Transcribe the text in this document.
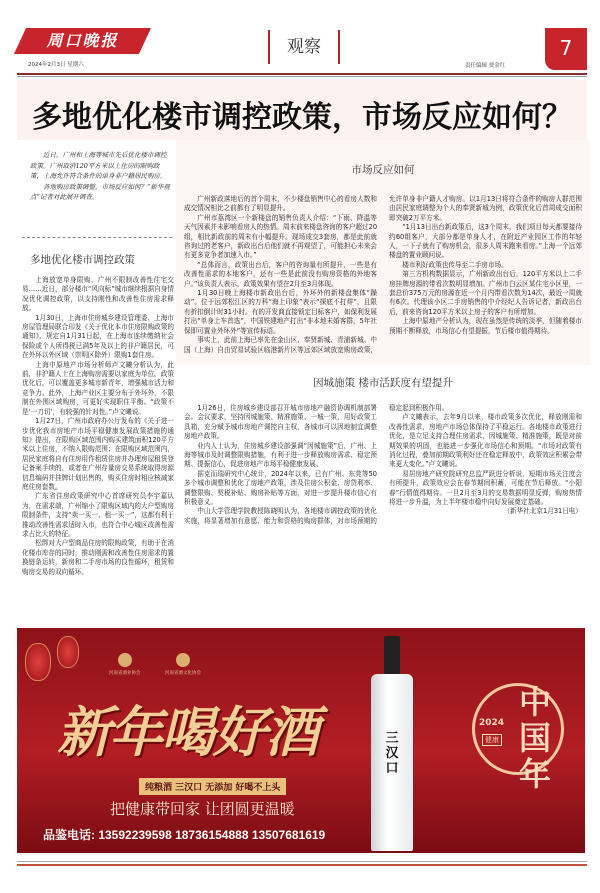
周口晚报
2024年2月3日 星期六
观察
责任编辑 贾金红
7
多地优化楼市调控政策，市场反应如何？

近日，广州和上海等城市先后优化楼市调控政策。广州取消120平方米以上住房的限购政策，上海允许符合条件的单身非户籍居民购房。

各地购房政策调整，市场反应如何？“新华视点”记者对此展开调查。

多地优化楼市调控政策

上海放宽单身限购、广州不限制改善性住宅交易……近日，部分楼市“风向标”城市继续根据自身情况优化调控政策，以支持刚性和改善性住房需求释放。

1月30日，上海市住房城乡建设管理委、上海市房屋管理局联合印发《关于优化本市住房限购政策的通知》，规定自1月31日起，在上海市连续缴纳社会保险或个人所得税已满5年及以上的非户籍居民，可在外环以外区域（崇明区除外）限购1套住房。

上海中原地产市场分析师卢文曦分析认为，此前，非沪籍人士在上海购房需要以家庭为单位。政策优化后，可以覆盖更多城市新青年，增强城市活力和竞争力。此外，上海产业区主要分布于外环外，不限制在外围区域购房，可更好实现职住平衡。“政策不是‘一刀切’，有较强的针对性。”卢文曦说。

1月27日，广州市政府办公厅发布的《关于进一步优化我市房地产市场平稳健康发展政策措施的通知》提出，在限购区域范围内购买建筑面积120平方米以上住房，不纳入限购范围；在限购区域范围内，居民家庭将自有住房用作租赁住房并办理房屋租赁登记备案手续的，或者在广州存量房交易系统取得房源信息编码并挂牌计划出售的，购买住房时相应核减家庭住房套数。

广东省住房政策研究中心首席研究员李宇嘉认为，在需求端，广州缩小了限购区域内的大户型购房限制条件，支持“卖一买一、租一买一”，这都有利于推动改善性需求适时入市，也符合中心城区改善性需求占比大的特征。

松绑对大户型商品住房的限购政策，有助于在消化楼市库存的同时，推动刚需和改善性住房需求的置换链条运转，新房和二手房市场的良性循环，租赁和购房交易的双向循环。

市场反应如何

广州新政落地后的首个周末，不少楼盘销售中心的看房人数和成交情况相比之前都有了明显提升。

广州市荔湾区一个新楼盘的销售负责人介绍：“下雨、降温等天气因素并未影响看房人的热情。周末前来楼盘咨询的客户超过20组，相比新政前的周末有小幅提升。现场成交3套房，都是此前就咨询过的老客户，新政出台后他们就不再观望了，可能担心未来会有更多竞争者加速入市。”

“总体而言，政策出台后，客户的咨询量有所提升，一些是有改善性需求的本地客户，还有一些是此前没有购房资格的外地客户。”该负责人表示，政策效果有望在2月至3月体现。

1月30日晚上海楼市新政出台后，外环外的新楼盘集体“躁动”。位于远郊松江区的万科“海上印象”表示“探底不打烊”，且限有折扣倒计时31小时。有的开发商直接锁定目标客户，如保利发展打出“单身上车首选”，中国铁建地产打出“非本地未婚客群，5年社保即可置业外环外”等宣传标语。

事实上，此前上海已率先在金山区、奉贤新城、青浦新城、中国（上海）自由贸易试验区临港新片区等远郊区域放宽购房政策，允许单身非户籍人才购房。以1月13日将符合条件的购房人群范围由居民家庭调整为个人的奉贤新城为例，政策优化后首周成交面积即突破2万平方米。

“1月13日出台新政策后，这3个周末，我们项目每天都要接待约60组客户，大部分都是单身人才，在附近产业园区工作的年轻人，一下子就有了购房机会，很多人周末跑来看房。”上海一个远郊楼盘的置业顾问说。

楼市利好政策也传导至二手房市场。

第三方机构数据显示，广州新政出台后，120平方米以上二手房挂牌房源的带看次数明显增加。广州市白云区某住宅小区里，一套总价375万元的房源在近一个月内带看次数为14次，最近一周就有6次。代理该小区二手房销售的中介经纪人告诉记者，新政出台后，前来咨询120平方米以上房子的客户有所增加。

上海中原地产分析认为，现在虽然是传统的淡季，但随着楼市预期不断释放，市场信心有望提振，节后楼市值得期待。

因城施策 楼市活跃度有望提升

1月26日，住房城乡建设部召开城市房地产融资协调机制部署会。会议要求，坚持因城施策、精准施策、一城一策，用好政策工具箱，充分赋予城市房地产调控自主权，各城市可以因地制宜调整房地产政策。

业内人士认为，住房城乡建设部强调“因城施策”后，广州、上海等城市及时调整限购措施，有利于进一步释放购房需求、稳定预期、提振信心，促进房地产市场平稳健康发展。

据克而瑞研究中心统计，2024年以来，已有广州、东莞等50多个城市调整和优化了房地产政策，涉及住房公积金、房贷利率、调整限购、契税补贴、购房补贴等方面，对进一步提升楼市信心有积极意义。

中山大学管理学院教授陈晓明认为，各地楼市调控政策的优化实施，将显著增加有意愿、能力和资格的购房群体，对市场预期的稳定起到积极作用。

卢文曦表示，去年9月以来，楼市政策多次优化，释放刚需和改善性需求，房地产市场总体保持了平稳运行。各地楼市政策进行优化，是立足支持合理住房需求，因城施策、精准施策，既是对前期效果的巩固，也能进一步强化市场信心和预期。“市场对政策有消化过程，叠加前期政策利好还在稳定释放中，政策效应积累会带来更大变化。”卢文曦说。

易居房地产研究院研究总监严跃进分析说，短期市场关注度会有所提升，政策效应会在春节期间积蓄，可能在节后释放。“小阳春”行情值得期待。一旦2月至3月的交易数据明显反弹，购房热情将进一步升温，为上半年楼市稳中向好发展奠定基础。

（新华社北京1月31日电）

河南省酒业协会	河南省酒文化协会
新年喝好酒
纯粮酒 三汉口 无添加 好喝不上头
把健康带回家 让团圆更温暖
三汉口
品鉴电话: 13592239598 18736154888 13507681619
中国年
2024
健康
